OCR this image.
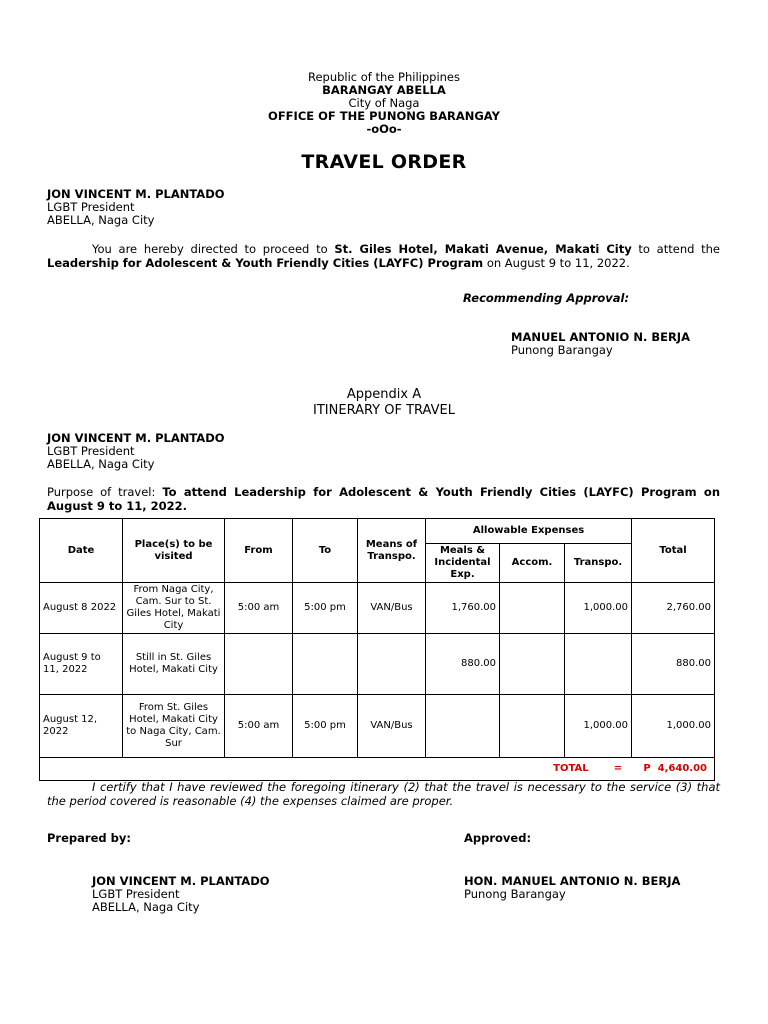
Republic of the Philippines
BARANGAY ABELLA
City of Naga
OFFICE OF THE PUNONG BARANGAY
-oOo-
TRAVEL ORDER
JON VINCENT M. PLANTADO
LGBT President
ABELLA, Naga City
You are hereby directed to proceed to St. Giles Hotel, Makati Avenue, Makati City to attend the Leadership for Adolescent & Youth Friendly Cities (LAYFC) Program on August 9 to 11, 2022.
Recommending Approval:
MANUEL ANTONIO N. BERJA
Punong Barangay
Appendix A
ITINERARY OF TRAVEL
JON VINCENT M. PLANTADO
LGBT President
ABELLA, Naga City
Purpose of travel: To attend Leadership for Adolescent & Youth Friendly Cities (LAYFC) Program on August 9 to 11, 2022.
Date	Place(s) to be visited	From	To	Means of Transpo.	Allowable Expenses			Total
					Meals & Incidental Exp.	Accom.	Transpo.	
August 8 2022	From Naga City, Cam. Sur to St. Giles Hotel, Makati City	5:00 am	5:00 pm	VAN/Bus	1,760.00		1,000.00	2,760.00
August 9 to 11, 2022	Still in St. Giles Hotel, Makati City				880.00			880.00
August 12, 2022	From St. Giles Hotel, Makati City to Naga City, Cam. Sur	5:00 am	5:00 pm	VAN/Bus			1,000.00	1,000.00
TOTAL = P  4,640.00								
I certify that I have reviewed the foregoing itinerary (2) that the travel is necessary to the service (3) that the period covered is reasonable (4) the expenses claimed are proper.
Prepared by:	Approved:
JON VINCENT M. PLANTADO
LGBT President
ABELLA, Naga City
HON. MANUEL ANTONIO N. BERJA
Punong Barangay
